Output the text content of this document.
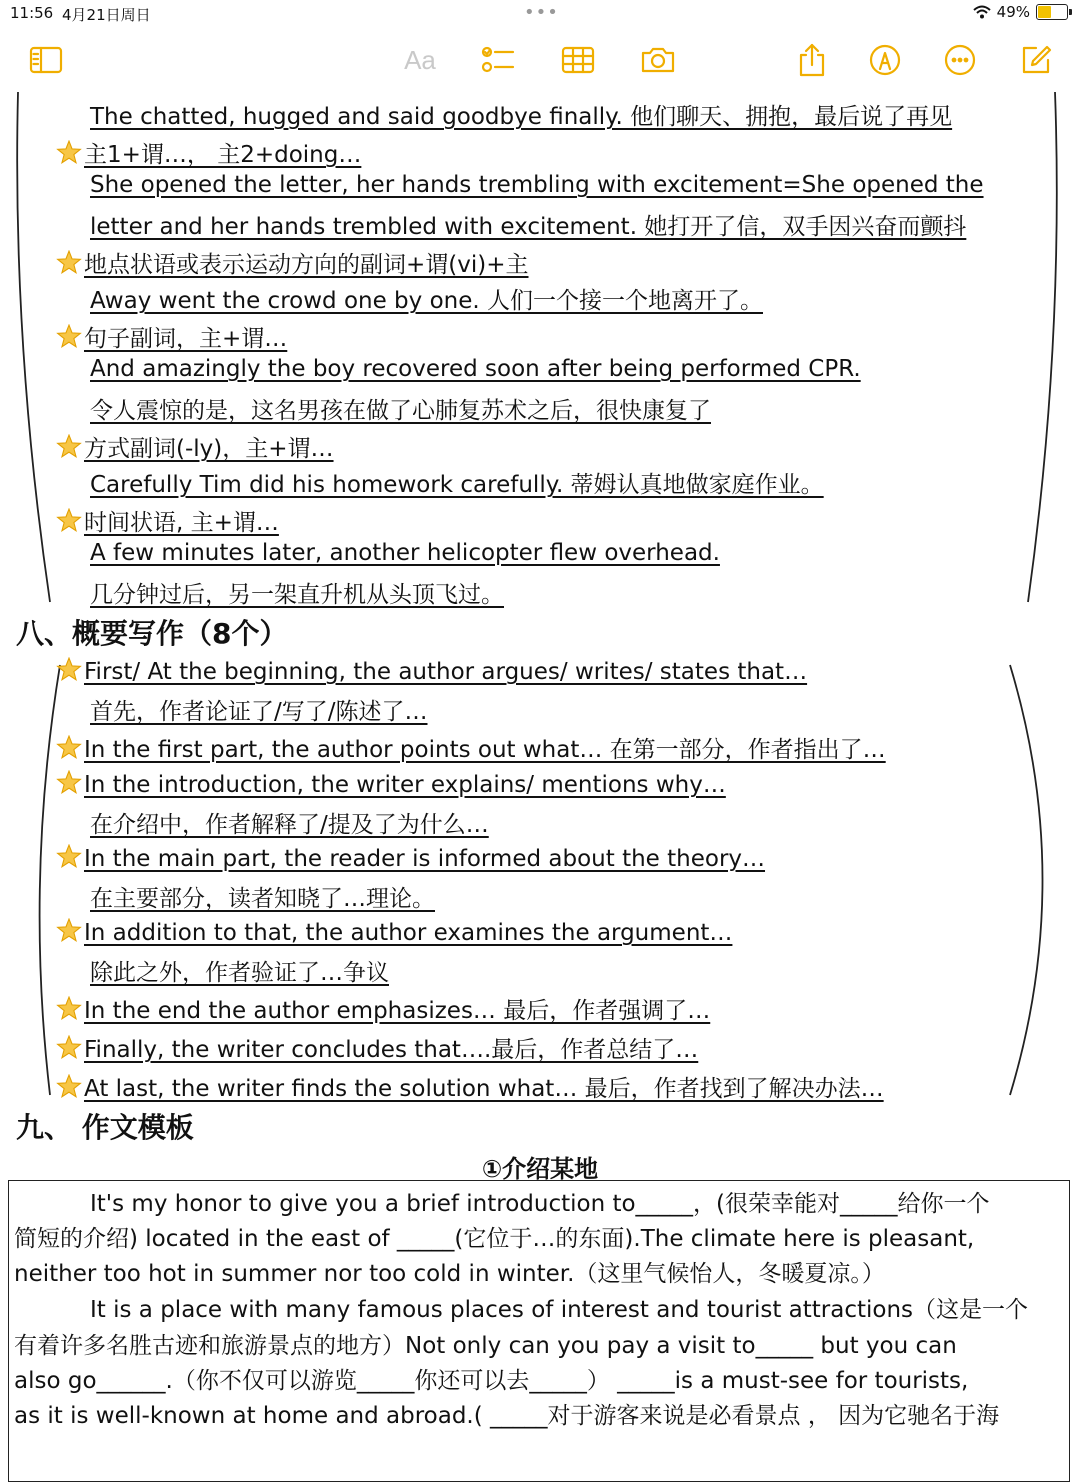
11:56 4月21日周日	•••	49%
Aa
The chatted, hugged and said goodbye finally. 他们聊天、拥抱，最后说了再见
主1+谓…， 主2+doing…
She opened the letter, her hands trembling with excitement=She opened the
letter and her hands trembled with excitement. 她打开了信，双手因兴奋而颤抖
地点状语或表示运动方向的副词+谓(vi)+主
Away went the crowd one by one. 人们一个接一个地离开了。
句子副词，主+谓…
And amazingly the boy recovered soon after being performed CPR.
令人震惊的是，这名男孩在做了心肺复苏术之后，很快康复了
方式副词(-ly)，主+谓…
Carefully Tim did his homework carefully. 蒂姆认真地做家庭作业。
时间状语, 主+谓…
A few minutes later, another helicopter flew overhead.
几分钟过后，另一架直升机从头顶飞过。
八、概要写作（8个）
First/ At the beginning, the author argues/ writes/ states that…
首先，作者论证了/写了/陈述了…
In the first part, the author points out what… 在第一部分，作者指出了…
In the introduction, the writer explains/ mentions why…
在介绍中，作者解释了/提及了为什么…
In the main part, the reader is informed about the theory…
在主要部分，读者知晓了…理论。
In addition to that, the author examines the argument…
除此之外，作者验证了…争议
In the end the author emphasizes… 最后，作者强调了…
Finally, the writer concludes that….最后，作者总结了…
At last, the writer finds the solution what… 最后，作者找到了解决办法…
九、 作文模板
①介绍某地
It's my honor to give you a brief introduction to_____，(很荣幸能对_____给你一个
简短的介绍) located in the east of _____(它位于…的东面).The climate here is pleasant,
neither too hot in summer nor too cold in winter.（这里气候怡人，冬暖夏凉。）
It is a place with many famous places of interest and tourist attractions（这是一个
有着许多名胜古迹和旅游景点的地方）Not only can you pay a visit to_____ but you can
also go______.（你不仅可以游览_____你还可以去_____） _____is a must-see for tourists,
as it is well-known at home and abroad.( _____对于游客来说是必看景点 ， 因为它驰名于海
